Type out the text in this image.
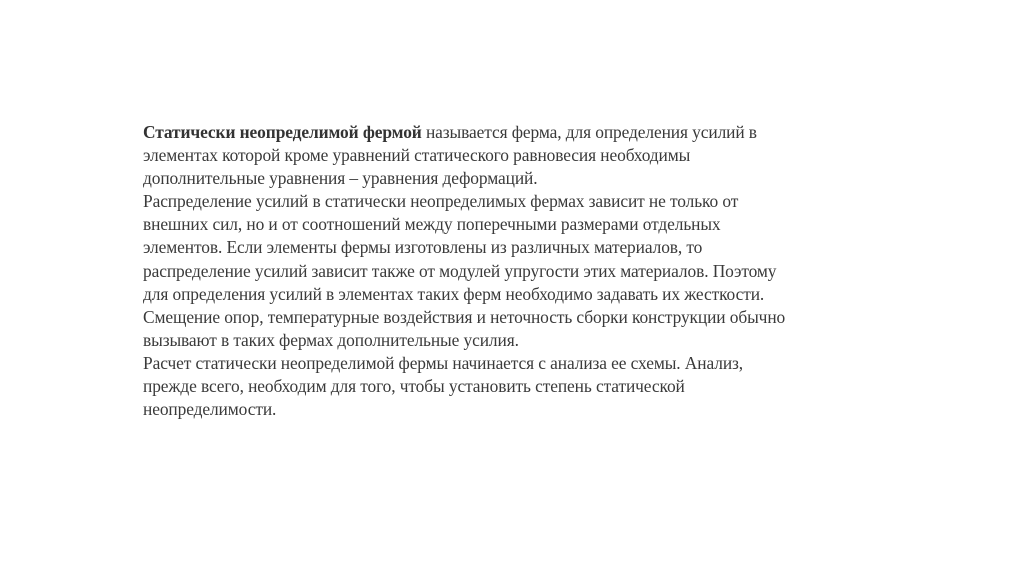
Статически неопределимой фермой называется ферма, для определения усилий в
элементах которой кроме уравнений статического равновесия необходимы
дополнительные уравнения – уравнения деформаций.
Распределение усилий в статически неопределимых фермах зависит не только от
внешних сил, но и от соотношений между поперечными размерами отдельных
элементов. Если элементы фермы изготовлены из различных материалов, то
распределение усилий зависит также от модулей упругости этих материалов. Поэтому
для определения усилий в элементах таких ферм необходимо задавать их жесткости.
Смещение опор, температурные воздействия и неточность сборки конструкции обычно
вызывают в таких фермах дополнительные усилия.
Расчет статически неопределимой фермы начинается с анализа ее схемы. Анализ,
прежде всего, необходим для того, чтобы установить степень статической
неопределимости.
